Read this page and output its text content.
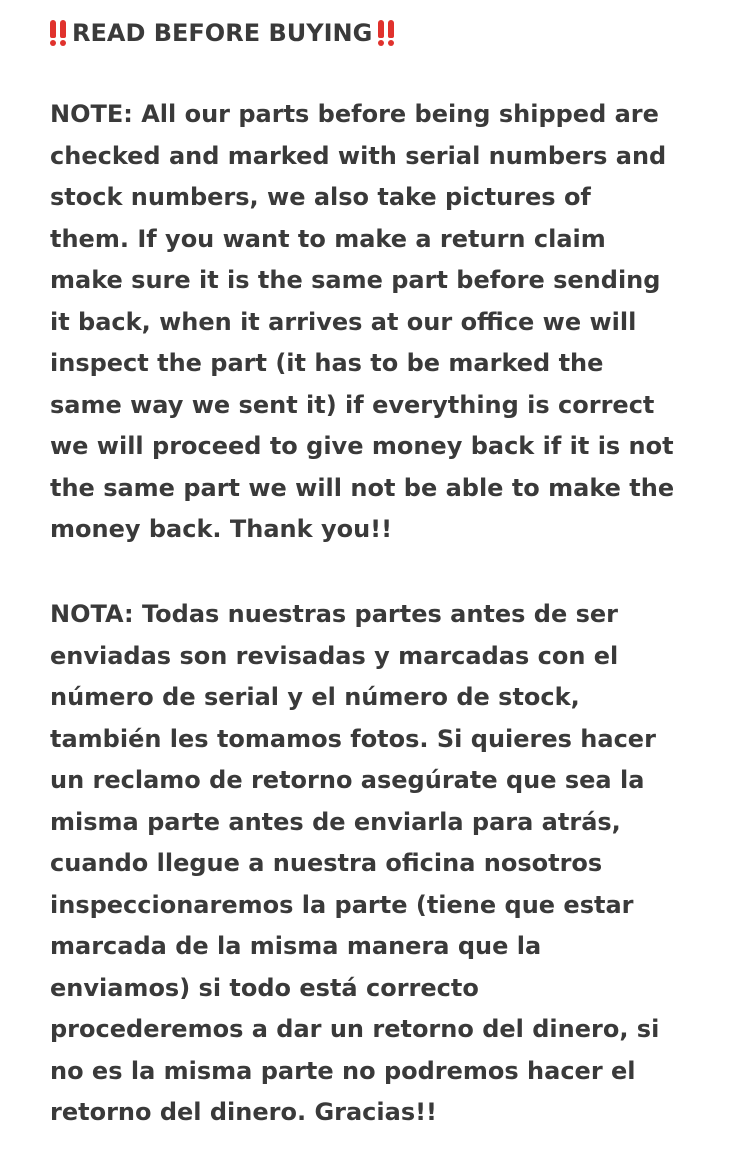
READ BEFORE BUYING

NOTE: All our parts before being shipped are
checked and marked with serial numbers and
stock numbers, we also take pictures of
them. If you want to make a return claim
make sure it is the same part before sending
it back, when it arrives at our office we will
inspect the part (it has to be marked the
same way we sent it) if everything is correct
we will proceed to give money back if it is not
the same part we will not be able to make the
money back. Thank you!!

NOTA: Todas nuestras partes antes de ser
enviadas son revisadas y marcadas con el
número de serial y el número de stock,
también les tomamos fotos. Si quieres hacer
un reclamo de retorno asegúrate que sea la
misma parte antes de enviarla para atrás,
cuando llegue a nuestra oficina nosotros
inspeccionaremos la parte (tiene que estar
marcada de la misma manera que la
enviamos) si todo está correcto
procederemos a dar un retorno del dinero, si
no es la misma parte no podremos hacer el
retorno del dinero. Gracias!!
